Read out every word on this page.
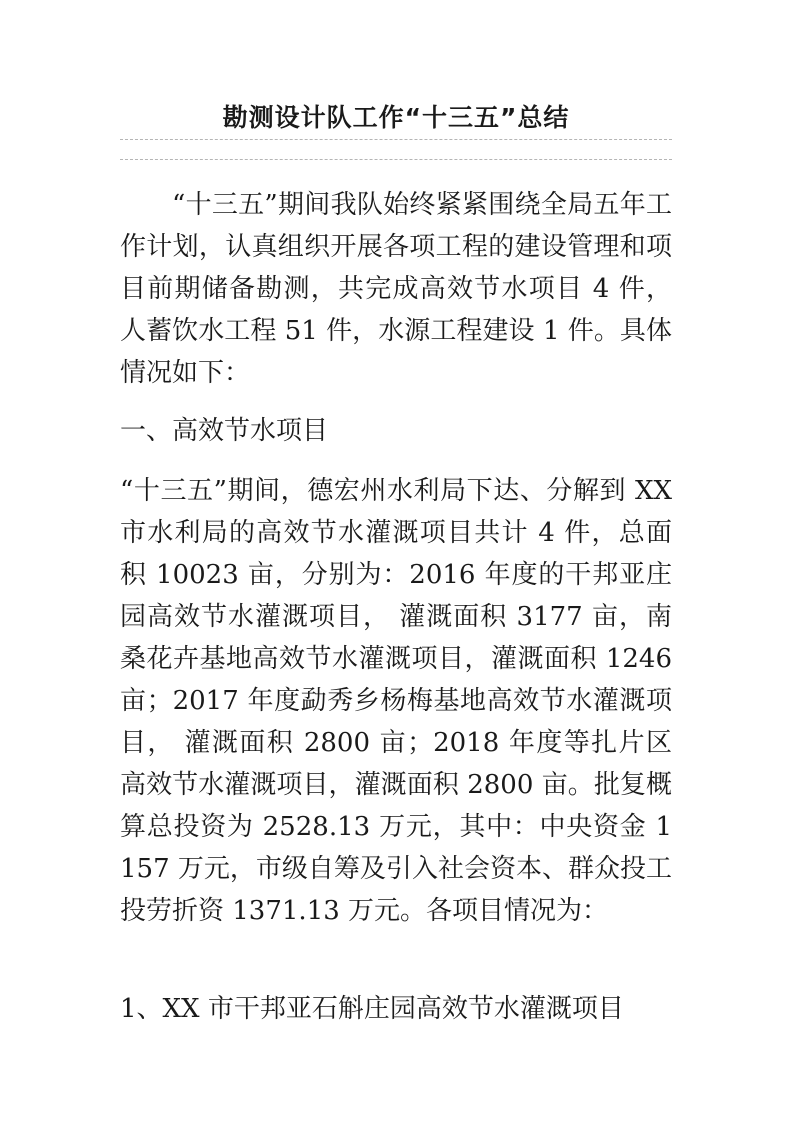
勘测设计队工作“十三五”总结

“十三五”期间我队始终紧紧围绕全局五年工作计划，认真组织开展各项工程的建设管理和项目前期储备勘测，共完成高效节水项目 4 件，人蓄饮水工程 51 件，水源工程建设 1 件。具体情况如下：

一、高效节水项目

“十三五”期间，德宏州水利局下达、分解到 XX 市水利局的高效节水灌溉项目共计 4 件，总面积 10023 亩，分别为：2016 年度的干邦亚庄园高效节水灌溉项目， 灌溉面积 3177 亩，南桑花卉基地高效节水灌溉项目，灌溉面积 1246 亩；2017 年度勐秀乡杨梅基地高效节水灌溉项目， 灌溉面积 2800 亩；2018 年度等扎片区高效节水灌溉项目，灌溉面积 2800 亩。批复概算总投资为 2528.13 万元，其中：中央资金 1157 万元，市级自筹及引入社会资本、群众投工投劳折资 1371.13 万元。各项目情况为：

1、XX 市干邦亚石斛庄园高效节水灌溉项目
